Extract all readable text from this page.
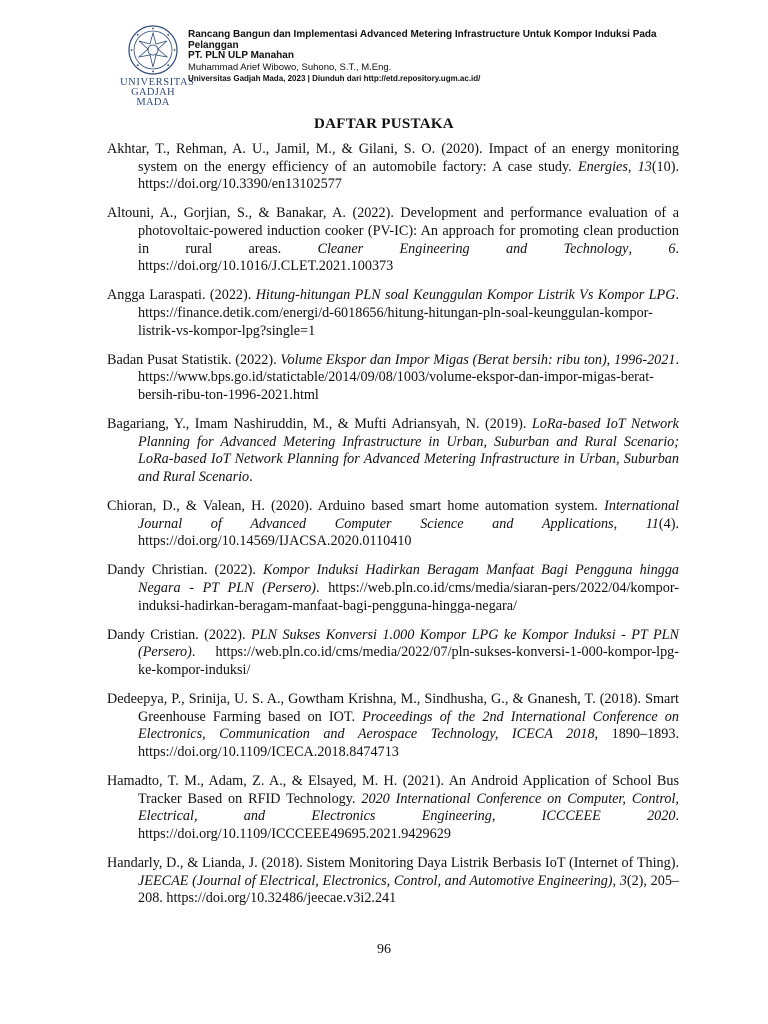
UNIVERSITAS
GADJAH MADA
Rancang Bangun dan Implementasi Advanced Metering Infrastructure Untuk Kompor Induksi Pada
Pelanggan
PT. PLN ULP Manahan
Muhammad Arief Wibowo, Suhono, S.T., M.Eng.
Universitas Gadjah Mada, 2023 | Diunduh dari http://etd.repository.ugm.ac.id/
DAFTAR PUSTAKA

Akhtar, T., Rehman, A. U., Jamil, M., & Gilani, S. O. (2020). Impact of an energy monitoring system on the energy efficiency of an automobile factory: A case study. Energies, 13(10). https://doi.org/10.3390/en13102577

Altouni, A., Gorjian, S., & Banakar, A. (2022). Development and performance evaluation of a photovoltaic-powered induction cooker (PV-IC): An approach for promoting clean production in rural areas. Cleaner Engineering and Technology, 6. https://doi.org/10.1016/J.CLET.2021.100373

Angga Laraspati. (2022). Hitung-hitungan PLN soal Keunggulan Kompor Listrik Vs Kompor LPG. https://finance.detik.com/energi/d-6018656/hitung-hitungan-pln-soal-keunggulan-kompor-listrik-vs-kompor-lpg?single=1

Badan Pusat Statistik. (2022). Volume Ekspor dan Impor Migas (Berat bersih: ribu ton), 1996-2021. https://www.bps.go.id/statictable/2014/09/08/1003/volume-ekspor-dan-impor-migas-berat-bersih-ribu-ton-1996-2021.html

Bagariang, Y., Imam Nashiruddin, M., & Mufti Adriansyah, N. (2019). LoRa-based IoT Network Planning for Advanced Metering Infrastructure in Urban, Suburban and Rural Scenario; LoRa-based IoT Network Planning for Advanced Metering Infrastructure in Urban, Suburban and Rural Scenario.

Chioran, D., & Valean, H. (2020). Arduino based smart home automation system. International Journal of Advanced Computer Science and Applications, 11(4). https://doi.org/10.14569/IJACSA.2020.0110410

Dandy Christian. (2022). Kompor Induksi Hadirkan Beragam Manfaat Bagi Pengguna hingga Negara - PT PLN (Persero). https://web.pln.co.id/cms/media/siaran-pers/2022/04/kompor-induksi-hadirkan-beragam-manfaat-bagi-pengguna-hingga-negara/

Dandy Cristian. (2022). PLN Sukses Konversi 1.000 Kompor LPG ke Kompor Induksi - PT PLN (Persero). https://web.pln.co.id/cms/media/2022/07/pln-sukses-konversi-1-000-kompor-lpg-ke-kompor-induksi/

Dedeepya, P., Srinija, U. S. A., Gowtham Krishna, M., Sindhusha, G., & Gnanesh, T. (2018). Smart Greenhouse Farming based on IOT. Proceedings of the 2nd International Conference on Electronics, Communication and Aerospace Technology, ICECA 2018, 1890–1893. https://doi.org/10.1109/ICECA.2018.8474713

Hamadto, T. M., Adam, Z. A., & Elsayed, M. H. (2021). An Android Application of School Bus Tracker Based on RFID Technology. 2020 International Conference on Computer, Control, Electrical, and Electronics Engineering, ICCCEEE 2020. https://doi.org/10.1109/ICCCEEE49695.2021.9429629

Handarly, D., & Lianda, J. (2018). Sistem Monitoring Daya Listrik Berbasis IoT (Internet of Thing). JEECAE (Journal of Electrical, Electronics, Control, and Automotive Engineering), 3(2), 205–208. https://doi.org/10.32486/jeecae.v3i2.241

96
